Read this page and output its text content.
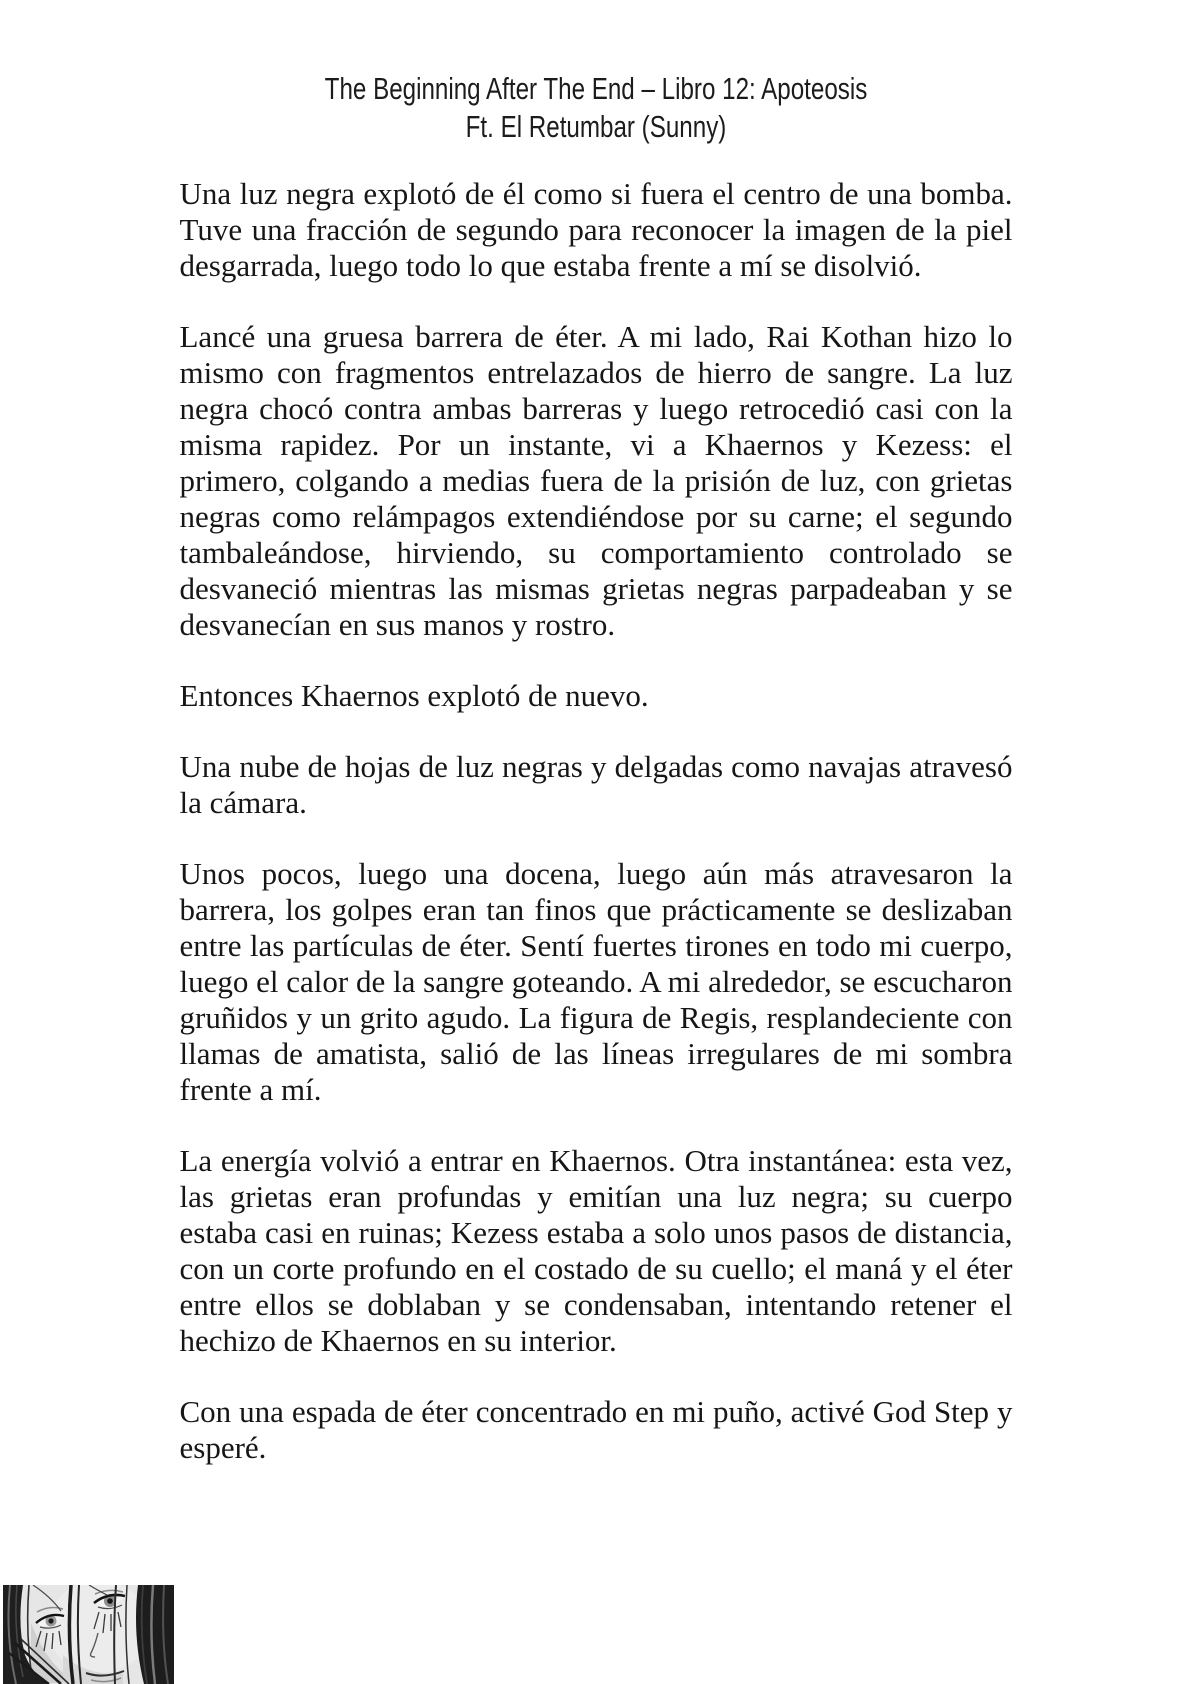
The Beginning After The End – Libro 12: Apoteosis
Ft. El Retumbar (Sunny)

Una luz negra explotó de él como si fuera el centro de una bomba. Tuve una fracción de segundo para reconocer la imagen de la piel desgarrada, luego todo lo que estaba frente a mí se disolvió.

Lancé una gruesa barrera de éter. A mi lado, Rai Kothan hizo lo mismo con fragmentos entrelazados de hierro de sangre. La luz negra chocó contra ambas barreras y luego retrocedió casi con la misma rapidez. Por un instante, vi a Khaernos y Kezess: el primero, colgando a medias fuera de la prisión de luz, con grietas negras como relámpagos extendiéndose por su carne; el segundo tambaleándose, hirviendo, su comportamiento controlado se desvaneció mientras las mismas grietas negras parpadeaban y se desvanecían en sus manos y rostro.

Entonces Khaernos explotó de nuevo.

Una nube de hojas de luz negras y delgadas como navajas atravesó la cámara.

Unos pocos, luego una docena, luego aún más atravesaron la barrera, los golpes eran tan finos que prácticamente se deslizaban entre las partículas de éter. Sentí fuertes tirones en todo mi cuerpo, luego el calor de la sangre goteando. A mi alrededor, se escucharon gruñidos y un grito agudo. La figura de Regis, resplandeciente con llamas de amatista, salió de las líneas irregulares de mi sombra frente a mí.

La energía volvió a entrar en Khaernos. Otra instantánea: esta vez, las grietas eran profundas y emitían una luz negra; su cuerpo estaba casi en ruinas; Kezess estaba a solo unos pasos de distancia, con un corte profundo en el costado de su cuello; el maná y el éter entre ellos se doblaban y se condensaban, intentando retener el hechizo de Khaernos en su interior.

Con una espada de éter concentrado en mi puño, activé God Step y esperé.
